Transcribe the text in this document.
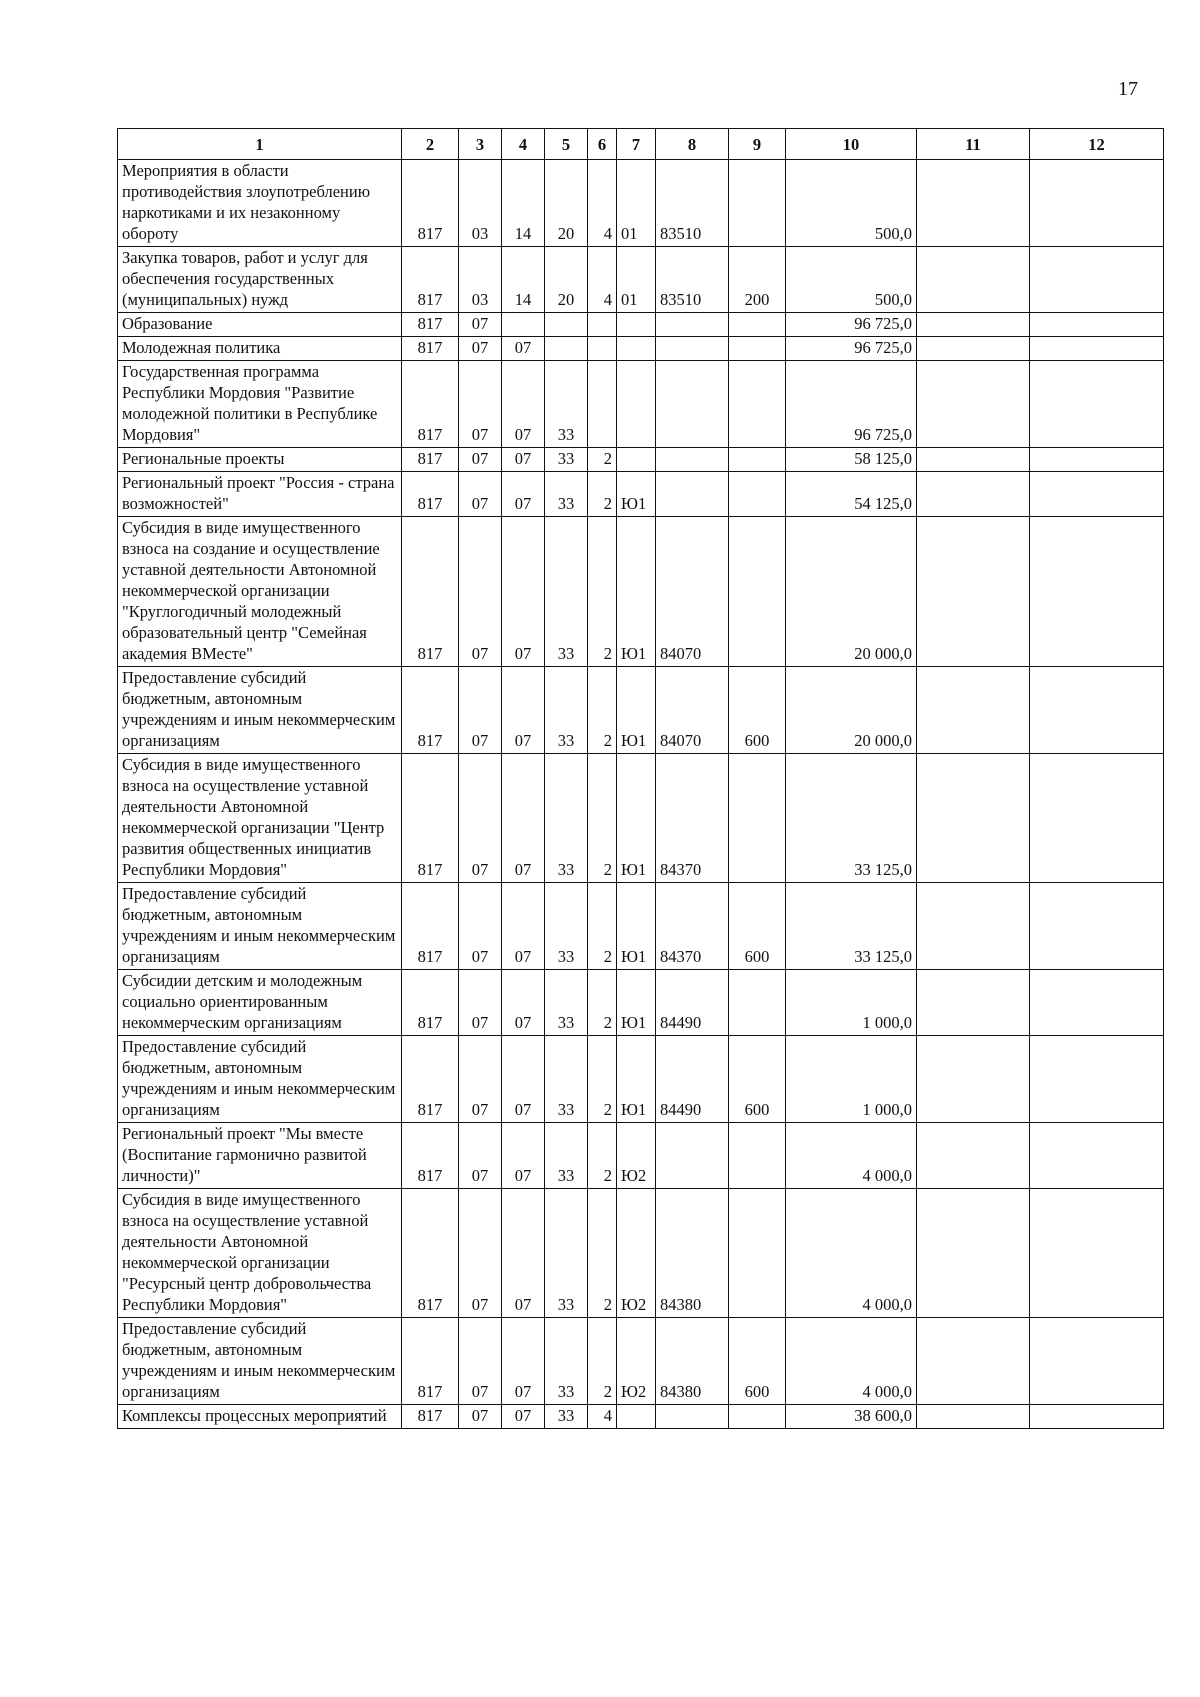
17
1	2	3	4	5	6	7	8	9	10	11	12
Мероприятия в области противодействия злоупотреблению наркотиками и их незаконному обороту	817	03	14	20	4	01	83510		500,0		
Закупка товаров, работ и услуг для обеспечения государственных (муниципальных) нужд	817	03	14	20	4	01	83510	200	500,0		
Образование	817	07							96 725,0		
Молодежная политика	817	07	07						96 725,0		
Государственная программа Республики Мордовия "Развитие молодежной политики в Республике Мордовия"	817	07	07	33					96 725,0		
Региональные проекты	817	07	07	33	2				58 125,0		
Региональный проект "Россия - страна возможностей"	817	07	07	33	2	Ю1			54 125,0		
Субсидия в виде имущественного взноса на создание и осуществление уставной деятельности Автономной некоммерческой организации "Круглогодичный молодежный образовательный центр "Семейная академия ВМесте"	817	07	07	33	2	Ю1	84070		20 000,0		
Предоставление субсидий бюджетным, автономным учреждениям и иным некоммерческим организациям	817	07	07	33	2	Ю1	84070	600	20 000,0		
Субсидия в виде имущественного взноса на осуществление уставной деятельности Автономной некоммерческой организации "Центр развития общественных инициатив Республики Мордовия"	817	07	07	33	2	Ю1	84370		33 125,0		
Предоставление субсидий бюджетным, автономным учреждениям и иным некоммерческим организациям	817	07	07	33	2	Ю1	84370	600	33 125,0		
Субсидии детским и молодежным социально ориентированным некоммерческим организациям	817	07	07	33	2	Ю1	84490		1 000,0		
Предоставление субсидий бюджетным, автономным учреждениям и иным некоммерческим организациям	817	07	07	33	2	Ю1	84490	600	1 000,0		
Региональный проект "Мы вместе (Воспитание гармонично развитой личности)"	817	07	07	33	2	Ю2			4 000,0		
Субсидия в виде имущественного взноса на осуществление уставной деятельности Автономной некоммерческой организации "Ресурсный центр добровольчества Республики Мордовия"	817	07	07	33	2	Ю2	84380		4 000,0		
Предоставление субсидий бюджетным, автономным учреждениям и иным некоммерческим организациям	817	07	07	33	2	Ю2	84380	600	4 000,0		
Комплексы процессных мероприятий	817	07	07	33	4				38 600,0		
